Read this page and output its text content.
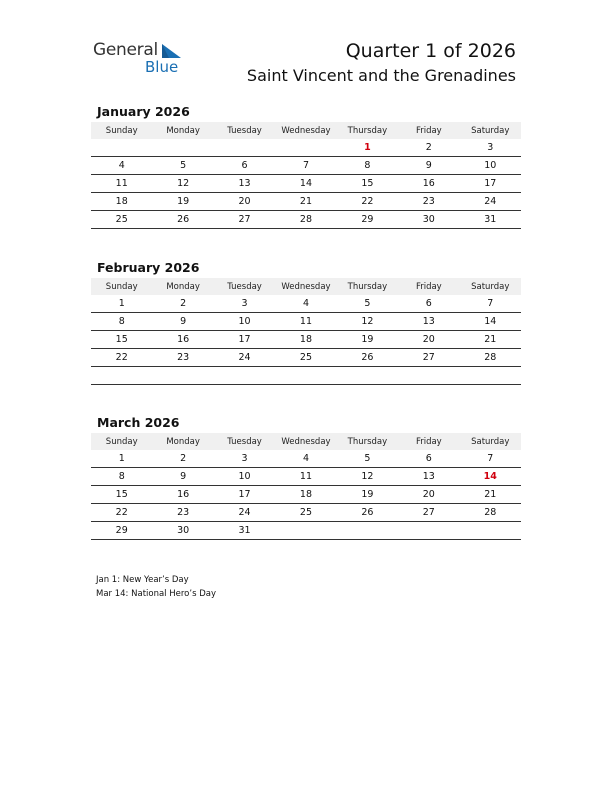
General
Blue
Quarter 1 of 2026
Saint Vincent and the Grenadines
January 2026
Sunday	Monday	Tuesday	Wednesday	Thursday	Friday	Saturday
				1	2	3
4	5	6	7	8	9	10
11	12	13	14	15	16	17
18	19	20	21	22	23	24
25	26	27	28	29	30	31
February 2026
Sunday	Monday	Tuesday	Wednesday	Thursday	Friday	Saturday
1	2	3	4	5	6	7
8	9	10	11	12	13	14
15	16	17	18	19	20	21
22	23	24	25	26	27	28

March 2026
Sunday	Monday	Tuesday	Wednesday	Thursday	Friday	Saturday
1	2	3	4	5	6	7
8	9	10	11	12	13	14
15	16	17	18	19	20	21
22	23	24	25	26	27	28
29	30	31				
Jan 1: New Year’s Day
Mar 14: National Hero’s Day
